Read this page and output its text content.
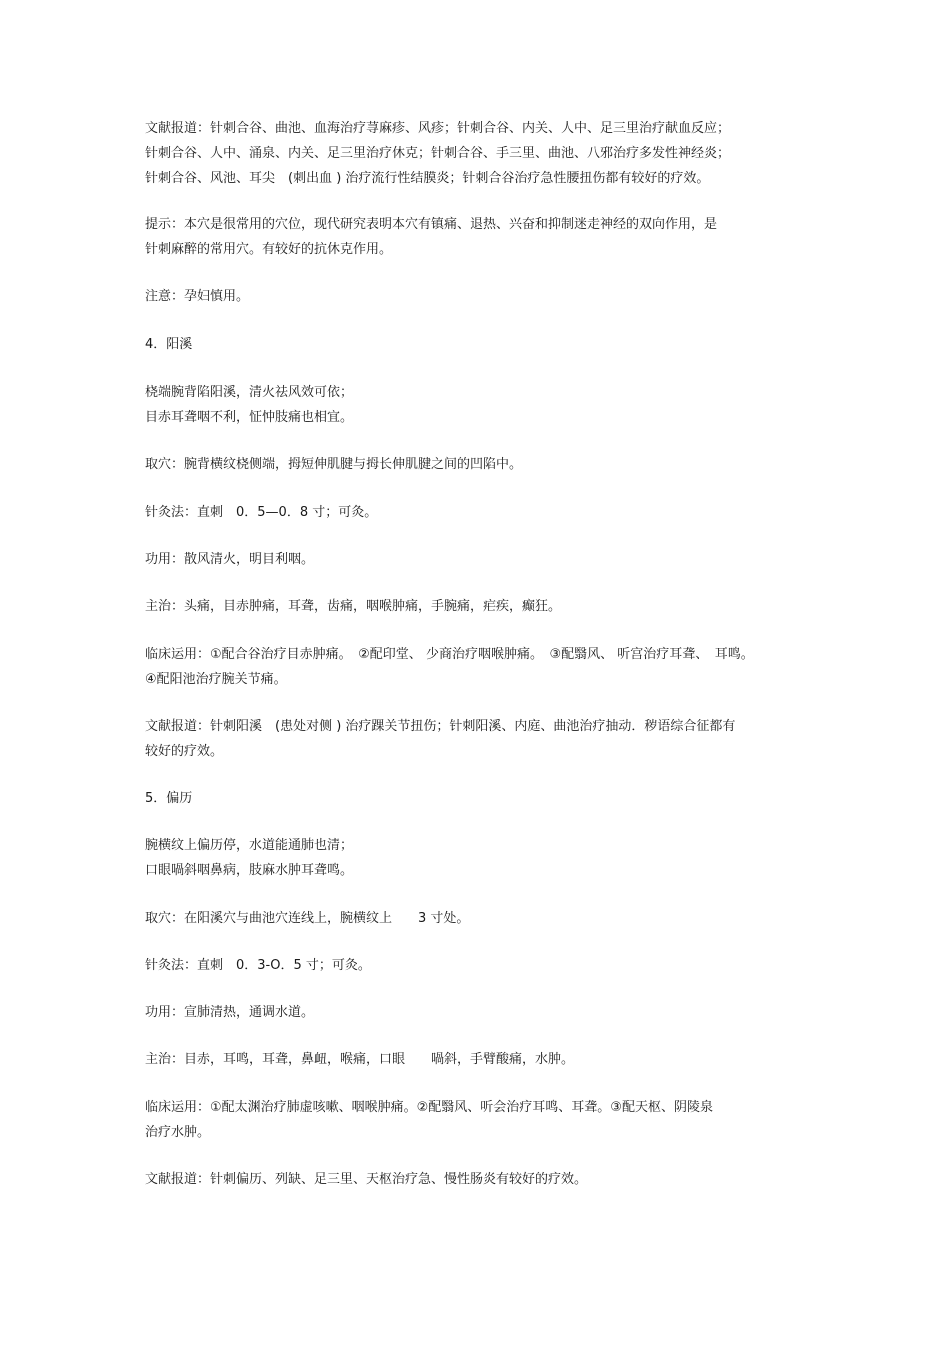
文献报道：针刺合谷、曲池、血海治疗荨麻疹、风疹；针刺合谷、内关、人中、足三里治疗献血反应；
针刺合谷、人中、涌泉、内关、足三里治疗休克；针刺合谷、手三里、曲池、八邪治疗多发性神经炎；
针刺合谷、风池、耳尖　(刺出血 ) 治疗流行性结膜炎；针刺合谷治疗急性腰扭伤都有较好的疗效。
提示：本穴是很常用的穴位，现代研究表明本穴有镇痛、退热、兴奋和抑制迷走神经的双向作用，是
针刺麻醉的常用穴。有较好的抗休克作用。
注意：孕妇慎用。
4．阳溪
桡端腕背陷阳溪，清火祛风效可依；
目赤耳聋咽不利，怔忡肢痛也相宜。
取穴：腕背横纹桡侧端，拇短伸肌腱与拇长伸肌腱之间的凹陷中。
针灸法：直刺　0．5—0．8 寸；可灸。
功用：散风清火，明目利咽。
主治：头痛，目赤肿痛，耳聋，齿痛，咽喉肿痛，手腕痛，疟疾，癫狂。
临床运用：①配合谷治疗目赤肿痛。　②配印堂、 少商治疗咽喉肿痛。　③配翳风、 听宫治疗耳聋、　耳鸣。
④配阳池治疗腕关节痛。
文献报道：针刺阳溪　(患处对侧 ) 治疗踝关节扭伤；针刺阳溪、内庭、曲池治疗抽动．秽语综合征都有
较好的疗效。
5．偏历
腕横纹上偏历停，水道能通肺也清；
口眼喎斜咽鼻病，肢麻水肿耳聋鸣。
取穴：在阳溪穴与曲池穴连线上，腕横纹上　　3 寸处。
针灸法：直刺　0．3-O．5 寸；可灸。
功用：宣肺清热，通调水道。
主治：目赤，耳鸣，耳聋，鼻衄，喉痛，口眼　　喎斜，手臂酸痛，水肿。
临床运用：①配太渊治疗肺虚咳嗽、咽喉肿痛。②配翳风、听会治疗耳鸣、耳聋。③配天枢、阴陵泉
治疗水肿。
文献报道：针刺偏历、列缺、足三里、天枢治疗急、慢性肠炎有较好的疗效。
